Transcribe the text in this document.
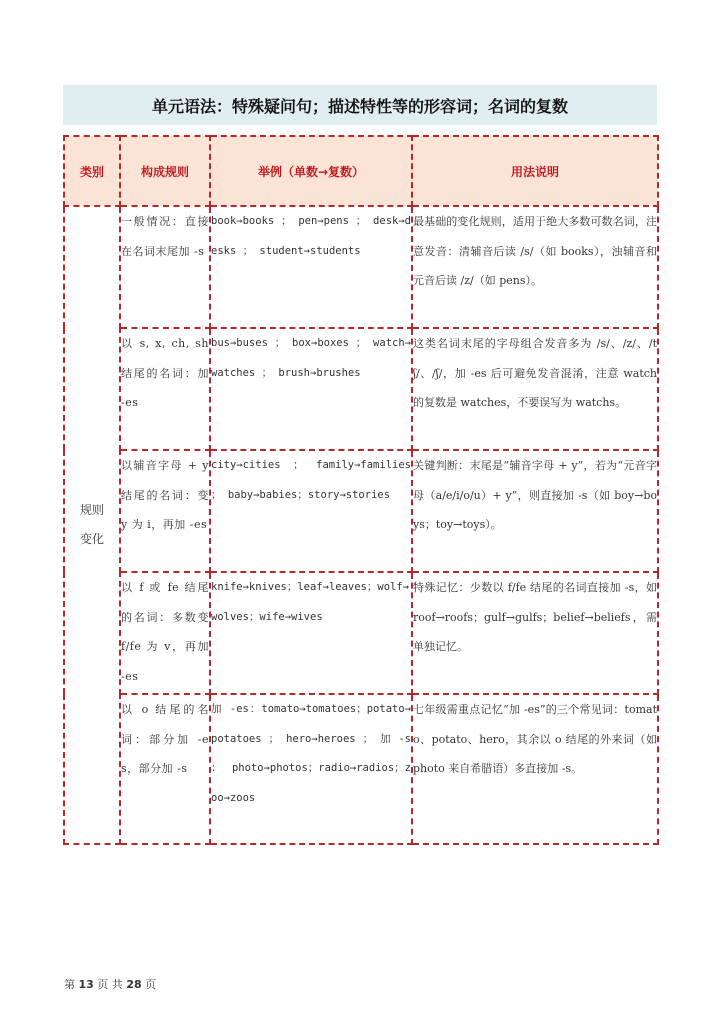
单元语法：特殊疑问句；描述特性等的形容词；名词的复数
类别	构成规则	举例（单数→复数）	用法说明

规则
变化	一般情况：直接在名词末尾加 -s	book→books ； pen→pens ； desk→desks ； student→students	最基础的变化规则，适用于绝大多数可数名词，注意发音：清辅音后读 /s/（如 books），浊辅音和元音后读 /z/（如 pens）。
	以 s, x, ch, sh 结尾的名词：加 -es	bus→buses ； box→boxes ； watch→watches ； brush→brushes	这类名词末尾的字母组合发音多为 /s/、/z/、/tʃ/、/ʃ/，加 -es 后可避免发音混淆，注意 watch 的复数是 watches，不要误写为 watchs。
	以辅音字母 + y 结尾的名词：变 y 为 i，再加 -es	city→cities ； family→families ； baby→babies；story→stories	关键判断：末尾是“辅音字母 + y”，若为“元音字母（a/e/i/o/u）+ y”，则直接加 -s（如 boy→boys；toy→toys）。
	以 f 或 fe 结尾的名词：多数变 f/fe 为 v，再加 -es	knife→knives；leaf→leaves；wolf→wolves；wife→wives	特殊记忆：少数以 f/fe 结尾的名词直接加 -s，如 roof→roofs；gulf→gulfs；belief→beliefs，需单独记忆。
	以 o 结尾的名词：部分加 -es，部分加 -s	加 -es：tomato→tomatoes；potato→potatoes ； hero→heroes ； 加 -s ： photo→photos；radio→radios；zoo→zoos	七年级需重点记忆“加 -es”的三个常见词：tomato、potato、hero，其余以 o 结尾的外来词（如 photo 来自希腊语）多直接加 -s。
第 13 页 共 28 页
